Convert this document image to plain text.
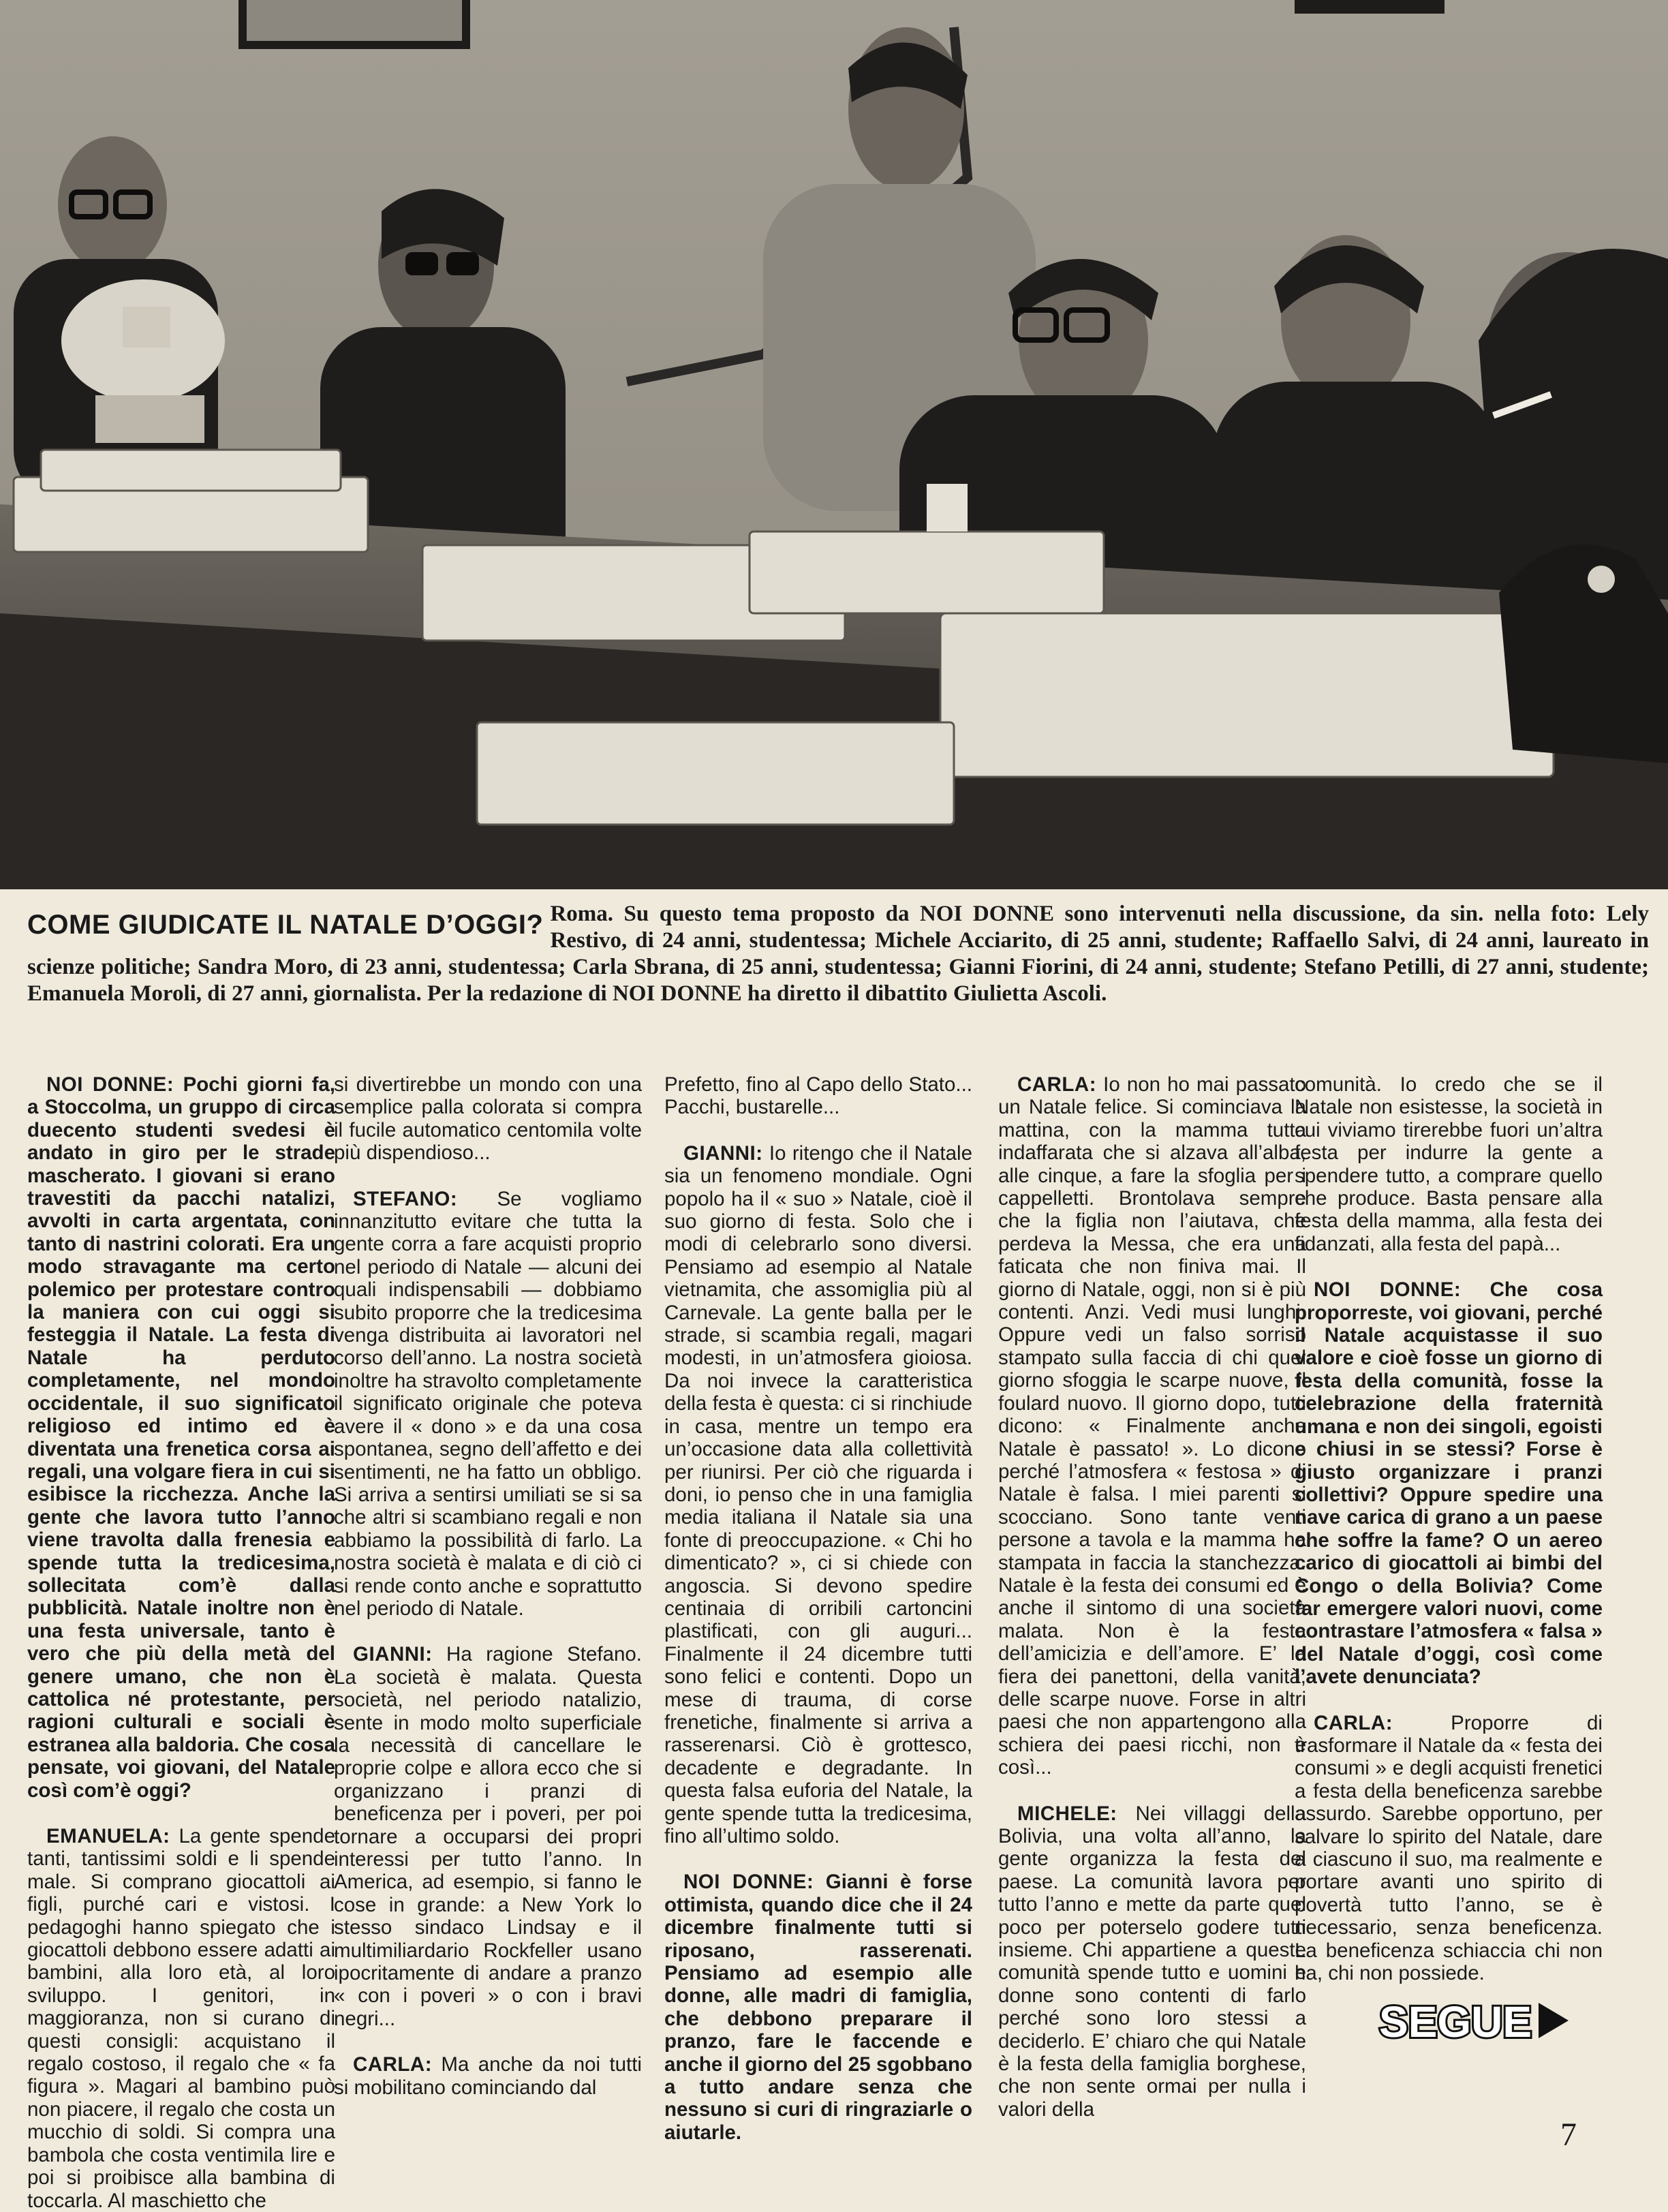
COME GIUDICATE IL NATALE D’OGGI? Roma. Su questo tema proposto da NOI DONNE sono intervenuti nella discussione, da sin. nella foto: Lely Restivo, di 24 anni, studentessa; Michele Acciarito, di 25 anni, studente; Raffaello Salvi, di 24 anni, laureato in scienze politiche; Sandra Moro, di 23 anni, studentessa; Carla Sbrana, di 25 anni, studentessa; Gianni Fiorini, di 24 anni, studente; Stefano Petilli, di 27 anni, studente; Emanuela Moroli, di 27 anni, giornalista. Per la redazione di NOI DONNE ha diretto il dibattito Giulietta Ascoli.

NOI DONNE: Pochi giorni fa, a Stoccolma, un gruppo di circa duecento studenti svedesi è andato in giro per le strade mascherato. I giovani si erano travestiti da pacchi natalizi, avvolti in carta argentata, con tanto di nastrini colorati. Era un modo stravagante ma certo polemico per protestare contro la maniera con cui oggi si festeggia il Natale. La festa di Natale ha perduto completamente, nel mondo occidentale, il suo significato religioso ed intimo ed è diventata una frenetica corsa ai regali, una volgare fiera in cui si esibisce la ricchezza. Anche la gente che lavora tutto l’anno viene travolta dalla frenesia e spende tutta la tredicesima, sollecitata com’è dalla pubblicità. Natale inoltre non è una festa universale, tanto è vero che più della metà del genere umano, che non è cattolica né protestante, per ragioni culturali e sociali è estranea alla baldoria. Che cosa pensate, voi giovani, del Natale così com’è oggi?

EMANUELA: La gente spende tanti, tantissimi soldi e li spende male. Si comprano giocattoli ai figli, purché cari e vistosi. I pedagoghi hanno spiegato che i giocattoli debbono essere adatti ai bambini, alla loro età, al loro sviluppo. I genitori, in maggioranza, non si curano di questi consigli: acquistano il regalo costoso, il regalo che « fa figura ». Magari al bambino può non piacere, il regalo che costa un mucchio di soldi. Si compra una bambola che costa ventimila lire e poi si proibisce alla bambina di toccarla. Al maschietto che

si divertirebbe un mondo con una semplice palla colorata si compra il fucile automatico centomila volte più dispendioso...

STEFANO: Se vogliamo innanzitutto evitare che tutta la gente corra a fare acquisti proprio nel periodo di Natale — alcuni dei quali indispensabili — dobbiamo subito proporre che la tredicesima venga distribuita ai lavoratori nel corso dell’anno. La nostra società inoltre ha stravolto completamente il significato originale che poteva avere il « dono » e da una cosa spontanea, segno dell’affetto e dei sentimenti, ne ha fatto un obbligo. Si arriva a sentirsi umiliati se si sa che altri si scambiano regali e non abbiamo la possibilità di farlo. La nostra società è malata e di ciò ci si rende conto anche e soprattutto nel periodo di Natale.

GIANNI: Ha ragione Stefano. La società è malata. Questa società, nel periodo natalizio, sente in modo molto superficiale la necessità di cancellare le proprie colpe e allora ecco che si organizzano i pranzi di beneficenza per i poveri, per poi tornare a occuparsi dei propri interessi per tutto l’anno. In America, ad esempio, si fanno le cose in grande: a New York lo stesso sindaco Lindsay e il multimiliardario Rockfeller usano ipocritamente di andare a pranzo « con i poveri » o con i bravi negri...

CARLA: Ma anche da noi tutti si mobilitano cominciando dal

Prefetto, fino al Capo dello Stato... Pacchi, bustarelle...

GIANNI: Io ritengo che il Natale sia un fenomeno mondiale. Ogni popolo ha il « suo » Natale, cioè il suo giorno di festa. Solo che i modi di celebrarlo sono diversi. Pensiamo ad esempio al Natale vietnamita, che assomiglia più al Carnevale. La gente balla per le strade, si scambia regali, magari modesti, in un’atmosfera gioiosa. Da noi invece la caratteristica della festa è questa: ci si rinchiude in casa, mentre un tempo era un’occasione data alla collettività per riunirsi. Per ciò che riguarda i doni, io penso che in una famiglia media italiana il Natale sia una fonte di preoccupazione. « Chi ho dimenticato? », ci si chiede con angoscia. Si devono spedire centinaia di orribili cartoncini plastificati, con gli auguri... Finalmente il 24 dicembre tutti sono felici e contenti. Dopo un mese di trauma, di corse frenetiche, finalmente si arriva a rasserenarsi. Ciò è grottesco, decadente e degradante. In questa falsa euforia del Natale, la gente spende tutta la tredicesima, fino all’ultimo soldo.

NOI DONNE: Gianni è forse ottimista, quando dice che il 24 dicembre finalmente tutti si riposano, rasserenati. Pensiamo ad esempio alle donne, alle madri di famiglia, che debbono preparare il pranzo, fare le faccende e anche il giorno del 25 sgobbano a tutto andare senza che nessuno si curi di ringraziarle o aiutarle.

CARLA: Io non ho mai passato un Natale felice. Si cominciava la mattina, con la mamma tutta indaffarata che si alzava all’alba, alle cinque, a fare la sfoglia per i cappelletti. Brontolava sempre che la figlia non l’aiutava, che perdeva la Messa, che era una faticata che non finiva mai. Il giorno di Natale, oggi, non si è più contenti. Anzi. Vedi musi lunghi. Oppure vedi un falso sorriso stampato sulla faccia di chi quel giorno sfoggia le scarpe nuove, il foulard nuovo. Il giorno dopo, tutti dicono: « Finalmente anche Natale è passato! ». Lo dicono perché l’atmosfera « festosa » di Natale è falsa. I miei parenti si scocciano. Sono tante venti persone a tavola e la mamma ha stampata in faccia la stanchezza. Natale è la festa dei consumi ed è anche il sintomo di una società malata. Non è la festa dell’amicizia e dell’amore. E’ la fiera dei panettoni, della vanità, delle scarpe nuove. Forse in altri paesi che non appartengono alla schiera dei paesi ricchi, non è così...

MICHELE: Nei villaggi della Bolivia, una volta all’anno, la gente organizza la festa del paese. La comunità lavora per tutto l’anno e mette da parte quel poco per poterselo godere tutti insieme. Chi appartiene a queste comunità spende tutto e uomini e donne sono contenti di farlo perché sono loro stessi a deciderlo. E’ chiaro che qui Natale è la festa della famiglia borghese, che non sente ormai per nulla i valori della

comunità. Io credo che se il Natale non esistesse, la società in cui viviamo tirerebbe fuori un’altra festa per indurre la gente a spendere tutto, a comprare quello che produce. Basta pensare alla festa della mamma, alla festa dei fidanzati, alla festa del papà...

NOI DONNE: Che cosa proporreste, voi giovani, perché il Natale acquistasse il suo valore e cioè fosse un giorno di festa della comunità, fosse la celebrazione della fraternità umana e non dei singoli, egoisti e chiusi in se stessi? Forse è giusto organizzare i pranzi collettivi? Oppure spedire una nave carica di grano a un paese che soffre la fame? O un aereo carico di giocattoli ai bimbi del Congo o della Bolivia? Come far emergere valori nuovi, come contrastare l’atmosfera « falsa » del Natale d’oggi, così come l’avete denunciata?

CARLA: Proporre di trasformare il Natale da « festa dei consumi » e degli acquisti frenetici a festa della beneficenza sarebbe assurdo. Sarebbe opportuno, per salvare lo spirito del Natale, dare a ciascuno il suo, ma realmente e portare avanti uno spirito di povertà tutto l’anno, se è necessario, senza beneficenza. La beneficenza schiaccia chi non ha, chi non possiede.

SEGUE
7
